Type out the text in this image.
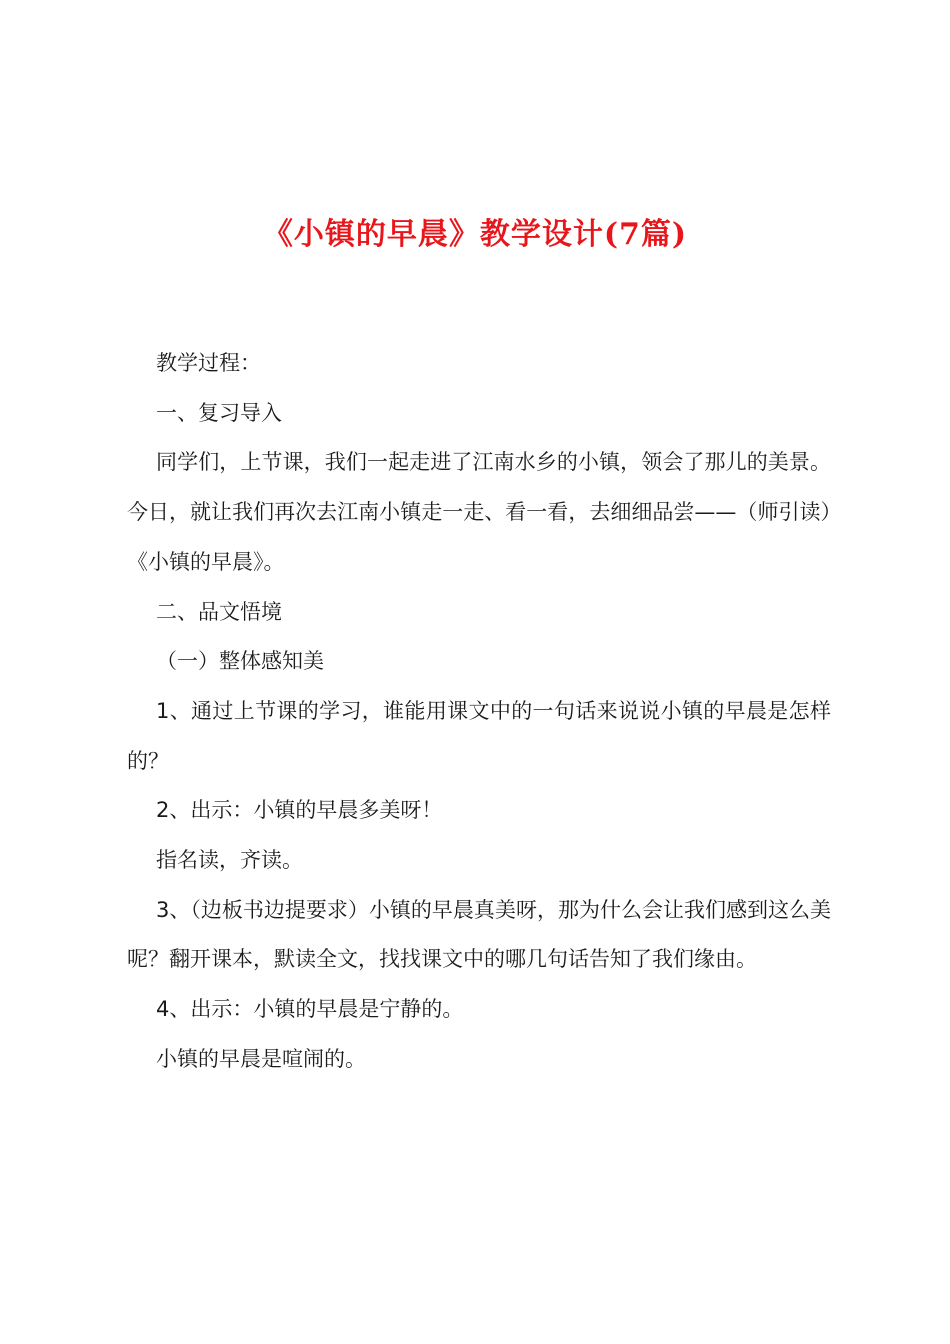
《小镇的早晨》教学设计(7篇)

教学过程：

一、复习导入

同学们，上节课，我们一起走进了江南水乡的小镇，领会了那儿的美景。今日，就让我们再次去江南小镇走一走、看一看，去细细品尝——（师引读）《小镇的早晨》。

二、品文悟境

（一）整体感知美

1、通过上节课的学习，谁能用课文中的一句话来说说小镇的早晨是怎样的？

2、出示：小镇的早晨多美呀！

指名读，齐读。

3、（边板书边提要求）小镇的早晨真美呀，那为什么会让我们感到这么美呢？翻开课本，默读全文，找找课文中的哪几句话告知了我们缘由。

4、出示：小镇的早晨是宁静的。

小镇的早晨是喧闹的。
